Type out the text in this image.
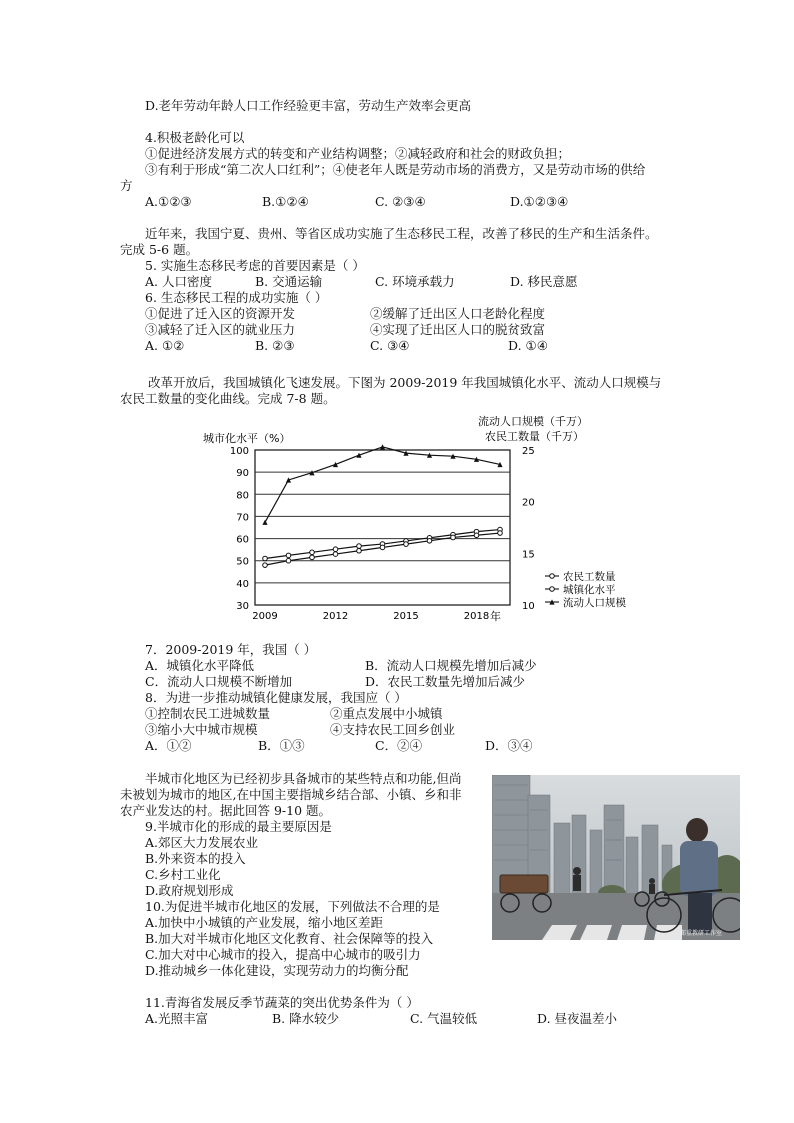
D.老年劳动年龄人口工作经验更丰富，劳动生产效率会更高
4.积极老龄化可以
①促进经济发展方式的转变和产业结构调整；②减轻政府和社会的财政负担；
③有利于形成“第二次人口红利”；④使老年人既是劳动市场的消费方，又是劳动市场的供给
方
A.①②③	B.①②④	C. ②③④	D.①②③④
近年来，我国宁夏、贵州、等省区成功实施了生态移民工程，改善了移民的生产和生活条件。
完成 5-6 题。
5. 实施生态移民考虑的首要因素是（ ）
A. 人口密度	B. 交通运输	C. 环境承载力	D. 移民意愿
6. 生态移民工程的成功实施（ ）
①促进了迁入区的资源开发	②缓解了迁出区人口老龄化程度
③减轻了迁入区的就业压力	④实现了迁出区人口的脱贫致富
A. ①②	B. ②③	C. ③④	D. ①④
改革开放后，我国城镇化飞速发展。下图为 2009-2019 年我国城镇化水平、流动人口规模与
农民工数量的变化曲线。完成 7-8 题。
城市化水平（%）
流动人口规模（千万）
农民工数量（千万）
100
90
80
70
60
50
40
30
25
20
15
10
2009	2012	2015	2018 年
农民工数量
城镇化水平
流动人口规模
7．2009-2019 年，我国（ ）
A．城镇化水平降低	B．流动人口规模先增加后减少
C．流动人口规模不断增加	D．农民工数量先增加后减少
8．为进一步推动城镇化健康发展，我国应（ ）
①控制农民工进城数量	②重点发展中小城镇
③缩小大中城市规模	④支持农民工回乡创业
A．①②	B．①③	C．②④	D．③④
半城市化地区为已经初步具备城市的某些特点和功能,但尚
未被划为城市的地区,在中国主要指城乡结合部、小镇、乡和非
农产业发达的村。据此回答 9-10 题。
9.半城市化的形成的最主要原因是
A.郊区大力发展农业
B.外来资本的投入
C.乡村工业化
D.政府规划形成
10.为促进半城市化地区的发展，下列做法不合理的是
A.加快中小城镇的产业发展，缩小地区差距
B.加大对半城市化地区文化教育、社会保障等的投入
C.加大对中心城市的投入，提高中心城市的吸引力
D.推动城乡一体化建设，实现劳动力的均衡分配
11.青海省发展反季节蔬菜的突出优势条件为（ ）
A.光照丰富	B. 降水较少	C. 气温较低	D. 昼夜温差小
郑重教研工作室
